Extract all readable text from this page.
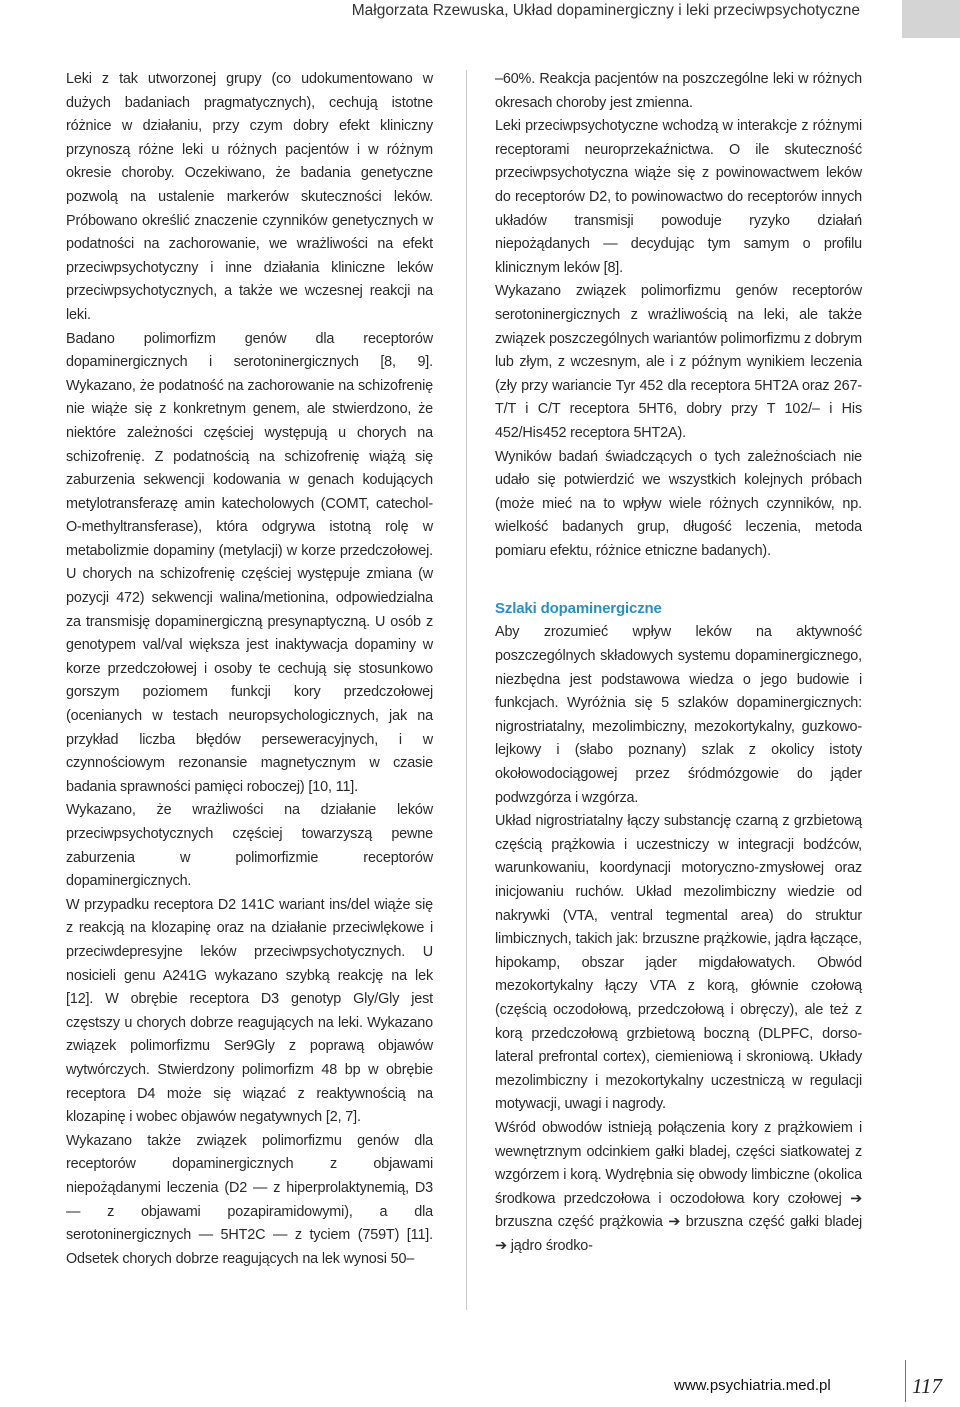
Małgorzata Rzewuska, Układ dopaminergiczny i leki przeciwpsychotyczne

Leki z tak utworzonej grupy (co udokumentowano w dużych badaniach pragmatycznych), cechują istotne różnice w działaniu, przy czym dobry efekt kliniczny przynoszą różne leki u różnych pacjentów i w różnym okresie choroby. Oczekiwano, że badania genetyczne pozwolą na ustalenie markerów skuteczności leków. Próbowano określić znaczenie czynników genetycznych w podatności na zachorowanie, we wrażliwości na efekt przeciwpsychotyczny i inne działania kliniczne leków przeciwpsychotycznych, a także we wczesnej reakcji na leki.

Badano polimorfizm genów dla receptorów dopaminergicznych i serotoninergicznych [8, 9]. Wykazano, że podatność na zachorowanie na schizofrenię nie wiąże się z konkretnym genem, ale stwierdzono, że niektóre zależności częściej występują u chorych na schizofrenię. Z podatnością na schizofrenię wiążą się zaburzenia sekwencji kodowania w genach kodujących metylotransferazę amin katecholowych (COMT, catechol-O-methyltransferase), która odgrywa istotną rolę w metabolizmie dopaminy (metylacji) w korze przedczołowej. U chorych na schizofrenię częściej występuje zmiana (w pozycji 472) sekwencji walina/metionina, odpowiedzialna za transmisję dopaminergiczną presynaptyczną. U osób z genotypem val/val większa jest inaktywacja dopaminy w korze przedczołowej i osoby te cechują się stosunkowo gorszym poziomem funkcji kory przedczołowej (ocenianych w testach neuropsychologicznych, jak na przykład liczba błędów perseweracyjnych, i w czynnościowym rezonansie magnetycznym w czasie badania sprawności pamięci roboczej) [10, 11].

Wykazano, że wrażliwości na działanie leków przeciwpsychotycznych częściej towarzyszą pewne zaburzenia w polimorfizmie receptorów dopaminergicznych.

W przypadku receptora D2 141C wariant ins/del wiąże się z reakcją na klozapinę oraz na działanie przeciwlękowe i przeciwdepresyjne leków przeciwpsychotycznych. U nosicieli genu A241G wykazano szybką reakcję na lek [12]. W obrębie receptora D3 genotyp Gly/Gly jest częstszy u chorych dobrze reagujących na leki. Wykazano związek polimorfizmu Ser9Gly z poprawą objawów wytwórczych. Stwierdzony polimorfizm 48 bp w obrębie receptora D4 może się wiązać z reaktywnością na klozapinę i wobec objawów negatywnych [2, 7].

Wykazano także związek polimorfizmu genów dla receptorów dopaminergicznych z objawami niepożądanymi leczenia (D2 — z hiperprolaktynemią, D3 — z objawami pozapiramidowymi), a dla serotoninergicznych — 5HT2C — z tyciem (759T) [11]. Odsetek chorych dobrze reagujących na lek wynosi 50–

–60%. Reakcja pacjentów na poszczególne leki w różnych okresach choroby jest zmienna.

Leki przeciwpsychotyczne wchodzą w interakcje z różnymi receptorami neuroprzekaźnictwa. O ile skuteczność przeciwpsychotyczna wiąże się z powinowactwem leków do receptorów D2, to powinowactwo do receptorów innych układów transmisji powoduje ryzyko działań niepożądanych — decydując tym samym o profilu klinicznym leków [8].

Wykazano związek polimorfizmu genów receptorów serotoninergicznych z wrażliwością na leki, ale także związek poszczególnych wariantów polimorfizmu z dobrym lub złym, z wczesnym, ale i z późnym wynikiem leczenia (zły przy wariancie Tyr 452 dla receptora 5HT2A oraz 267-T/T i C/T receptora 5HT6, dobry przy T 102/– i His 452/His452 receptora 5HT2A).

Wyników badań świadczących o tych zależnościach nie udało się potwierdzić we wszystkich kolejnych próbach (może mieć na to wpływ wiele różnych czynników, np. wielkość badanych grup, długość leczenia, metoda pomiaru efektu, różnice etniczne badanych).

Szlaki dopaminergiczne

Aby zrozumieć wpływ leków na aktywność poszczególnych składowych systemu dopaminergicznego, niezbędna jest podstawowa wiedza o jego budowie i funkcjach. Wyróżnia się 5 szlaków dopaminergicznych: nigrostriatalny, mezolimbiczny, mezokortykalny, guzkowo-lejkowy i (słabo poznany) szlak z okolicy istoty okołowodociągowej przez śródmózgowie do jąder podwzgórza i wzgórza.

Układ nigrostriatalny łączy substancję czarną z grzbietową częścią prążkowia i uczestniczy w integracji bodźców, warunkowaniu, koordynacji motoryczno-zmysłowej oraz inicjowaniu ruchów. Układ mezolimbiczny wiedzie od nakrywki (VTA, ventral tegmental area) do struktur limbicznych, takich jak: brzuszne prążkowie, jądra łączące, hipokamp, obszar jąder migdałowatych. Obwód mezokortykalny łączy VTA z korą, głównie czołową (częścią oczodołową, przedczołową i obręczy), ale też z korą przedczołową grzbietową boczną (DLPFC, dorso-lateral prefrontal cortex), ciemieniową i skroniową. Układy mezolimbiczny i mezokortykalny uczestniczą w regulacji motywacji, uwagi i nagrody.

Wśród obwodów istnieją połączenia kory z prążkowiem i wewnętrznym odcinkiem gałki bladej, części siatkowatej z wzgórzem i korą. Wydrębnia się obwody limbiczne (okolica środkowa przedczołowa i oczodołowa kory czołowej ➔ brzuszna część prążkowia ➔ brzuszna część gałki bladej ➔ jądro środko-

www.psychiatria.med.pl	117
